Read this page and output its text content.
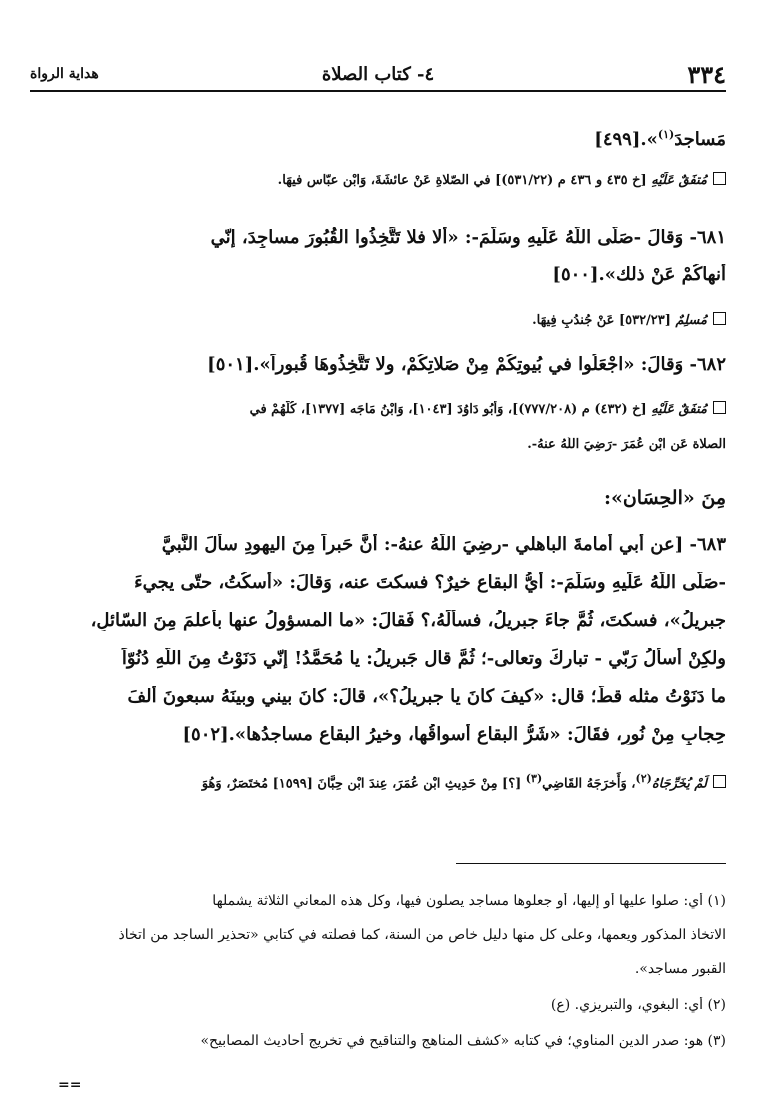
٣٣٤
٤- كتاب الصلاة
هداية الرواة
مَساجدَ$^{(١)}$».[٤٩٩]
مُتفَقٌ عَلَيْهِ [خ ٤٣٥ و ٤٣٦ م (٥٣١/٢٢)] في الصّلاةِ عَنْ عائشَةَ، وَابْنِ عبّاسٍ فيهَا.
٦٨١- وَقالَ -صَلّى اللّهُ عَلَيهِ وسَلَّمَ-: «ألا فلا تَتَّخِذُوا القُبُورَ مساجِدَ، إنّي
أنهاكُمْ عَنْ ذلك».[٥٠٠]
مُسلِمٌ [٥٣٢/٢٣] عَنْ جُندُبٍ فِيهَا.
٦٨٢- وَقالَ: «اجْعَلُوا في بُيوتِكُمْ مِنْ صَلاتِكُمْ، ولا تَتَّخِذُوهَا قُبوراً».[٥٠١]
مُتفَقٌ عَلَيْهِ [خ (٤٣٢) م (٧٧٧/٢٠٨)]، وَأَبُو دَاوُدَ [١٠٤٣]، وَابْنُ مَاجَه [١٣٧٧]، كُلُّهُمْ في
الصلاة عَنِ ابْنِ عُمَرَ -رَضِيَ اللّهُ عنهُ-.
مِنَ «الحِسَان»:
٦٨٣- [عن أبي أُمامةَ الباهلي -رضِيَ اللّهُ عنهُ-: أنَّ حَبراً مِنَ اليهودِ سألَ النَّبيَّ
-صَلّى اللّهُ عَلَيهِ وسَلَّمَ-: أيُّ البقاعِ خيرٌ؟ فسكتَ عنه، وَقالَ: «أسكُتُ، حتّى يجيءَ
جبريلُ»، فسكتَ، ثُمَّ جاءَ جبريلُ، فسألَهُ،؟ فَقالَ: «ما المسؤولُ عنها بأعلمَ مِنَ السّائلِ،
ولكِنْ أسألُ رَبّي - تباركَ وتعالى-؛ ثُمَّ قال جَبريلُ: يا مُحَمَّدُ! إنّي دَنَوْتُ مِنَ اللّهِ دُنُوّاً
ما دَنَوْتُ مثله قطّ؛ قال: «كيفَ كانَ يا جبريلُ؟»، قالَ: كانَ بيني وبينَهُ سبعونَ ألفَ
حِجابٍ مِنْ نُورٍ، فقَالَ: «شَرُّ البقاعِ أسواقُها، وخيرُ البقاعِ مساجدُها».[٥٠٢]
لَمْ يُخَرِّجَاهُ$^{(٢)}$، وَأَخرَجَهُ القَاضِي$^{(٣)}$ [؟] مِنْ حَدِيثِ ابْنِ عُمَرَ، عِندَ ابْنِ حِبَّانَ [١٥٩٩] مُختَصَرٌ، وَهُوَ
(١) أي: صلوا عليها أو إليها، أو جعلوها مساجد يصلون فيها، وكل هذه المعاني الثلاثة يشملها
الاتخاذ المذكور ويعمها، وعلى كل منها دليل خاص من السنة، كما فصلته في كتابي «تحذير الساجد من اتخاذ
القبور مساجد».
(٢) أي: البغوي، والتبريزي. (ع)
(٣) هو: صدر الدين المناوي؛ في كتابه «كشف المناهج والتناقيح في تخريج أحاديث المصابيح»
==
